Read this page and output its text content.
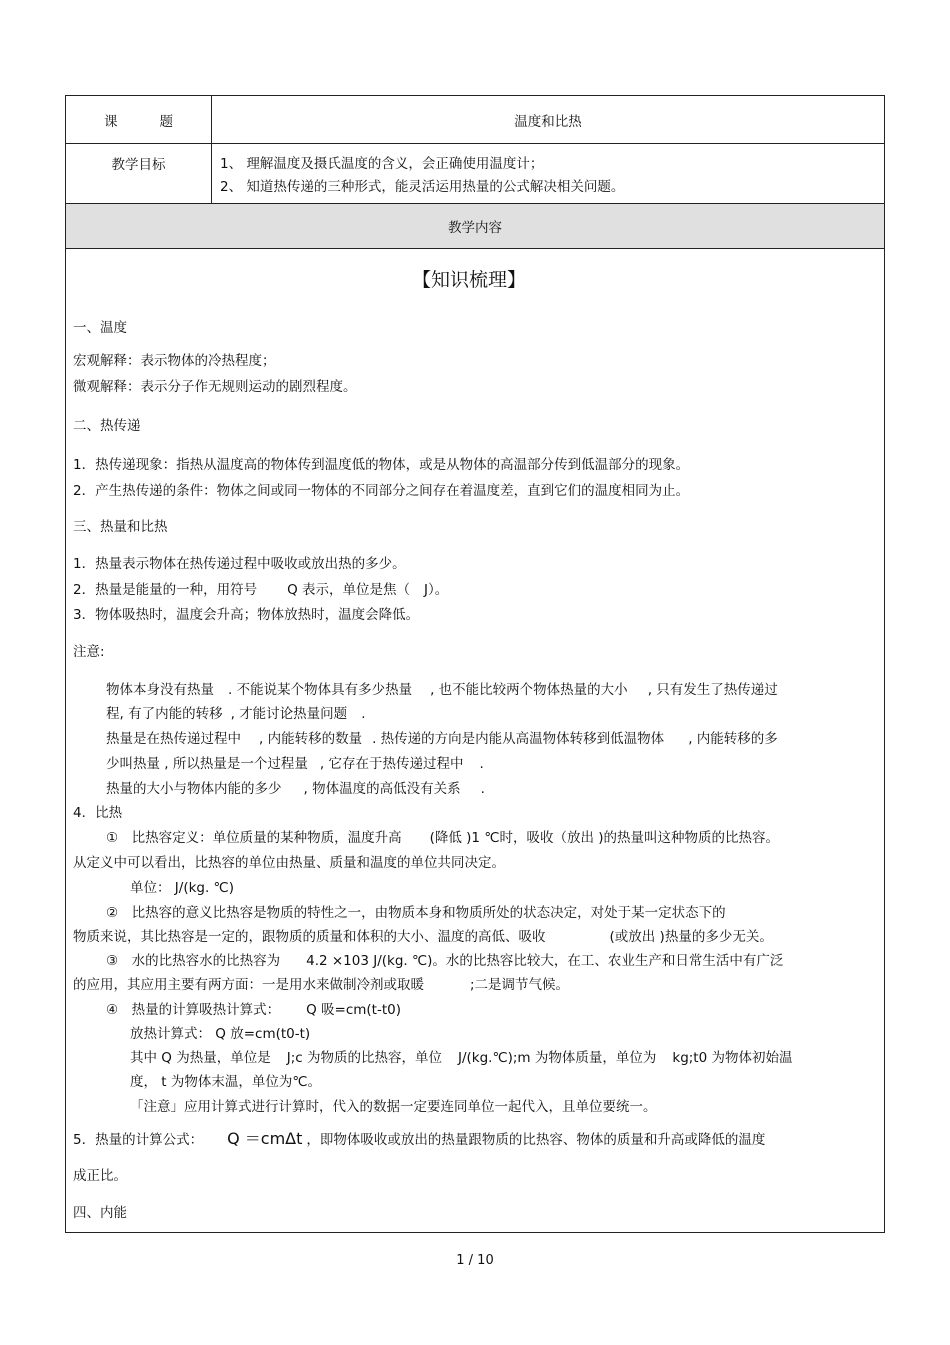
课题	温度和比热
教学目标	1、 理解温度及摄氏温度的含义，会正确使用温度计；
2、 知道热传递的三种形式，能灵活运用热量的公式解决相关问题。
教学内容
【知识梳理】
一、温度
宏观解释：表示物体的冷热程度；
微观解释：表示分子作无规则运动的剧烈程度。
二、热传递
1．热传递现象：指热从温度高的物体传到温度低的物体，或是从物体的高温部分传到低温部分的现象。
2．产生热传递的条件：物体之间或同一物体的不同部分之间存在着温度差，直到它们的温度相同为止。
三、热量和比热
1．热量表示物体在热传递过程中吸收或放出热的多少。
2．热量是能量的一种，用符号 Q 表示，单位是焦（ J）。
3．物体吸热时，温度会升高；物体放热时，温度会降低。
注意:
物体本身没有热量 . 不能说某个物体具有多少热量 , 也不能比较两个物体热量的大小 , 只有发生了热传递过
程, 有了内能的转移 , 才能讨论热量问题 .
热量是在热传递过程中 , 内能转移的数量 . 热传递的方向是内能从高温物体转移到低温物体 , 内能转移的多
少叫热量 , 所以热量是一个过程量 , 它存在于热传递过程中 .
热量的大小与物体内能的多少 , 物体温度的高低没有关系 .
4．比热
①　比热容定义：单位质量的某种物质，温度升高 (降低 )1 ℃时，吸收（放出 )的热量叫这种物质的比热容。
从定义中可以看出，比热容的单位由热量、质量和温度的单位共同决定。
单位： J/(kg. ℃)
②　比热容的意义比热容是物质的特性之一，由物质本身和物质所处的状态决定，对处于某一定状态下的
物质来说，其比热容是一定的，跟物质的质量和体积的大小、温度的高低、吸收	(或放出 )热量的多少无关。
③　水的比热容水的比热容为 4.2 ×103 J/(kg. ℃)。水的比热容比较大，在工、农业生产和日常生活中有广泛
的应用，其应用主要有两方面：一是用水来做制冷剂或取暖	;二是调节气候。
④　热量的计算吸热计算式： Q 吸=cm(t-t0)
放热计算式： Q 放=cm(t0-t)
其中 Q 为热量，单位是 J;c 为物质的比热容，单位 J/(kg.℃);m 为物体质量，单位为 kg;t0 为物体初始温
度， t 为物体末温，单位为℃。
「注意」应用计算式进行计算时，代入的数据一定要连同单位一起代入，且单位要统一。
5．热量的计算公式： Q ＝cmΔt ，即物体吸收或放出的热量跟物质的比热容、物体的质量和升高或降低的温度
成正比。
四、内能
1 / 10
